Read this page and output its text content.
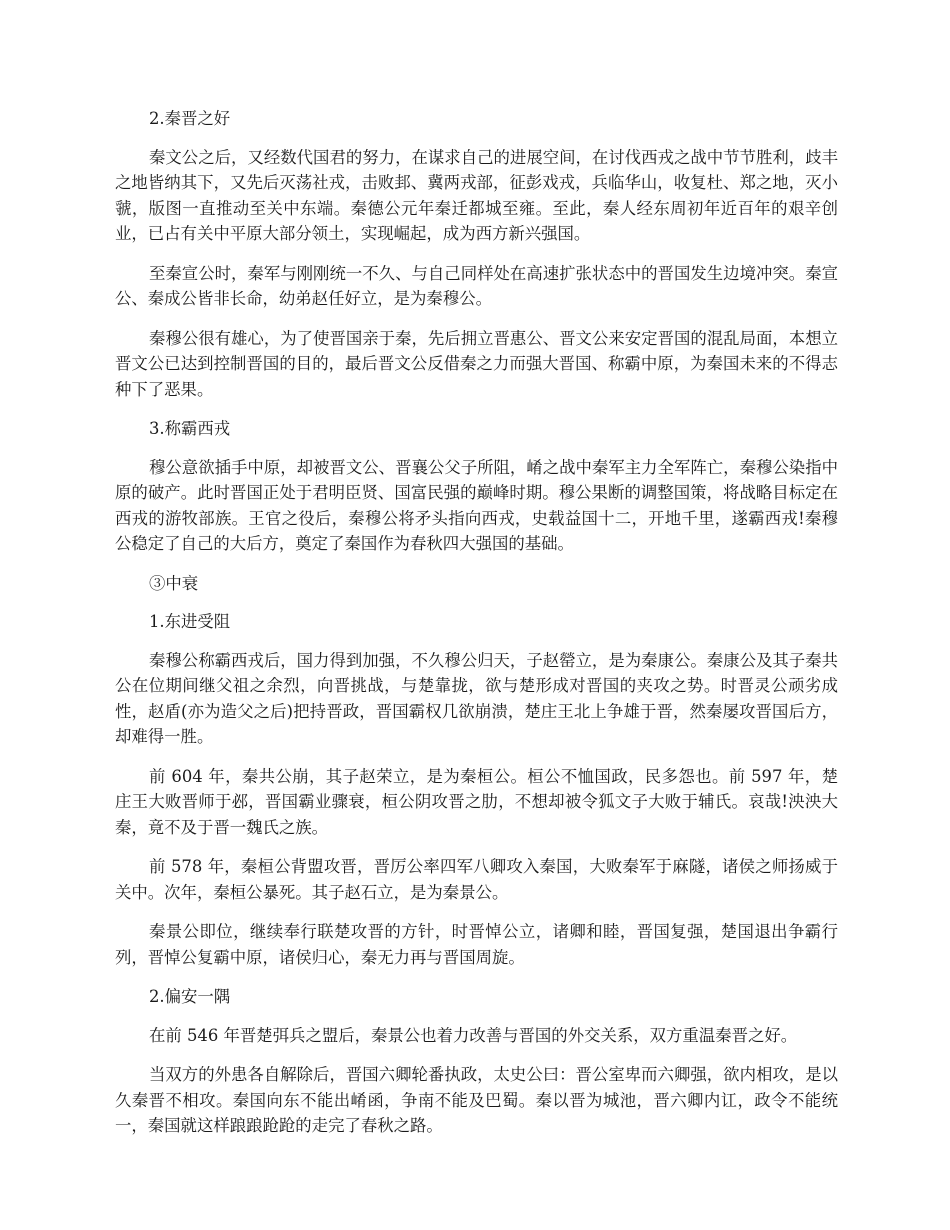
2.秦晋之好
秦文公之后，又经数代国君的努力，在谋求自己的进展空间，在讨伐西戎之战中节节胜利，歧丰之地皆纳其下，又先后灭荡社戎，击败邽、冀两戎部，征彭戏戎，兵临华山，收复杜、郑之地，灭小虢，版图一直推动至关中东端。秦德公元年秦迁都城至雍。至此，秦人经东周初年近百年的艰辛创业，已占有关中平原大部分领土，实现崛起，成为西方新兴强国。
至秦宣公时，秦军与刚刚统一不久、与自己同样处在高速扩张状态中的晋国发生边境冲突。秦宣公、秦成公皆非长命，幼弟赵任好立，是为秦穆公。
秦穆公很有雄心，为了使晋国亲于秦，先后拥立晋惠公、晋文公来安定晋国的混乱局面，本想立晋文公已达到控制晋国的目的，最后晋文公反借秦之力而强大晋国、称霸中原，为秦国未来的不得志种下了恶果。
3.称霸西戎
穆公意欲插手中原，却被晋文公、晋襄公父子所阻，崤之战中秦军主力全军阵亡，秦穆公染指中原的破产。此时晋国正处于君明臣贤、国富民强的巅峰时期。穆公果断的调整国策，将战略目标定在西戎的游牧部族。王官之役后，秦穆公将矛头指向西戎，史载益国十二，开地千里，遂霸西戎!秦穆公稳定了自己的大后方，奠定了秦国作为春秋四大强国的基础。
③中衰
1.东进受阻
秦穆公称霸西戎后，国力得到加强，不久穆公归天，子赵罃立，是为秦康公。秦康公及其子秦共公在位期间继父祖之余烈，向晋挑战，与楚靠拢，欲与楚形成对晋国的夹攻之势。时晋灵公顽劣成性，赵盾(亦为造父之后)把持晋政，晋国霸权几欲崩溃，楚庄王北上争雄于晋，然秦屡攻晋国后方，却难得一胜。
前 604 年，秦共公崩，其子赵荣立，是为秦桓公。桓公不恤国政，民多怨也。前 597 年，楚庄王大败晋师于邲，晋国霸业骤衰，桓公阴攻晋之肋，不想却被令狐文子大败于辅氏。哀哉!泱泱大秦，竟不及于晋一魏氏之族。
前 578 年，秦桓公背盟攻晋，晋厉公率四军八卿攻入秦国，大败秦军于麻隧，诸侯之师扬威于关中。次年，秦桓公暴死。其子赵石立，是为秦景公。
秦景公即位，继续奉行联楚攻晋的方针，时晋悼公立，诸卿和睦，晋国复强，楚国退出争霸行列，晋悼公复霸中原，诸侯归心，秦无力再与晋国周旋。
2.偏安一隅
在前 546 年晋楚弭兵之盟后，秦景公也着力改善与晋国的外交关系，双方重温秦晋之好。
当双方的外患各自解除后，晋国六卿轮番执政，太史公曰：晋公室卑而六卿强，欲内相攻，是以久秦晋不相攻。秦国向东不能出崤函，争南不能及巴蜀。秦以晋为城池，晋六卿内讧，政令不能统一，秦国就这样踉踉跄跄的走完了春秋之路。
